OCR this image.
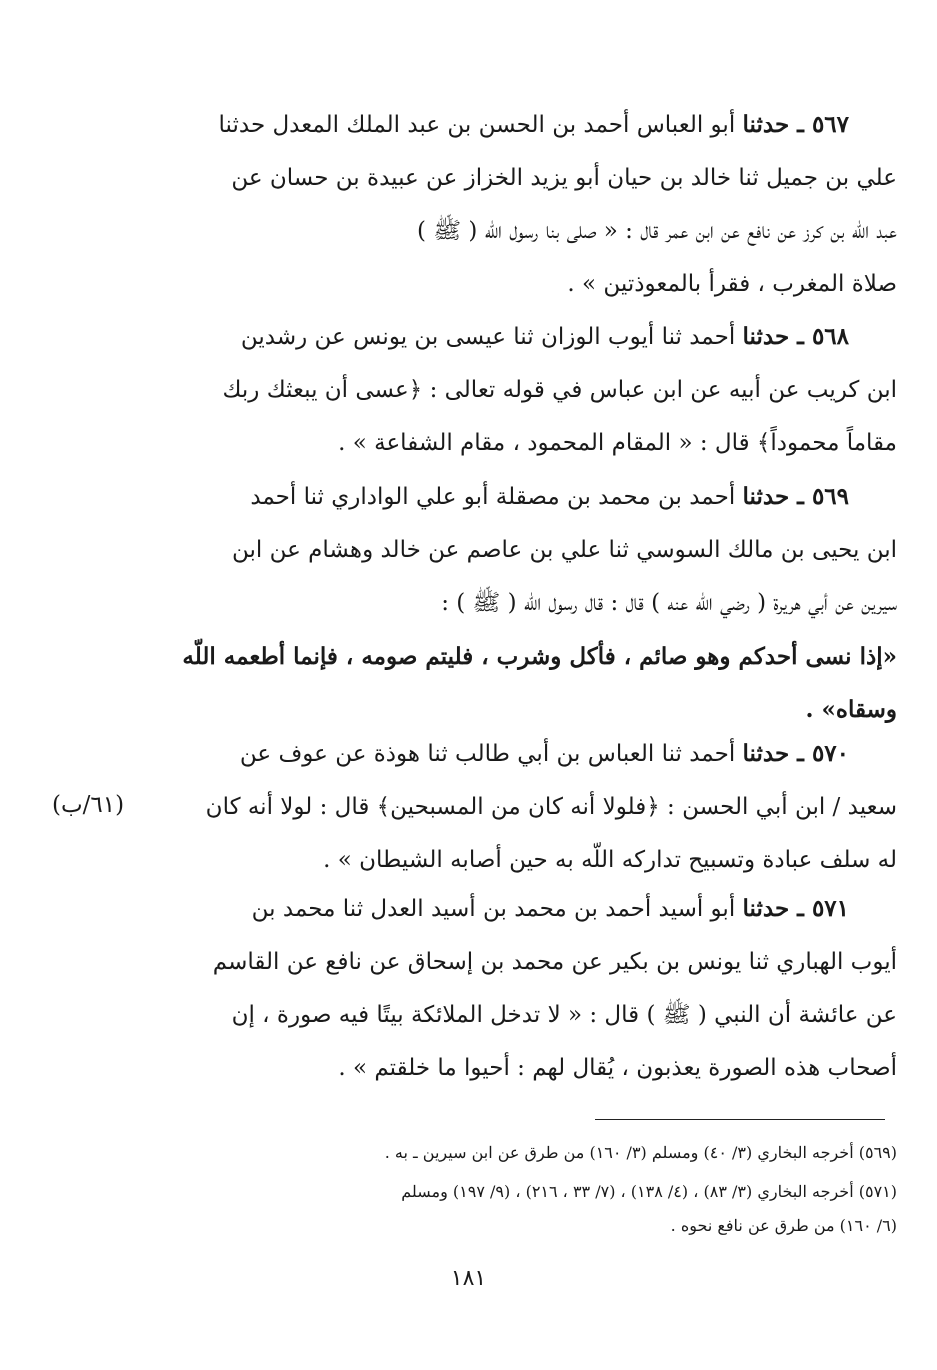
٥٦٧ ـ حدثنا أبو العباس أحمد بن الحسن بن عبد الملك المعدل حدثنا
علي بن جميل ثنا خالد بن حيان أبو يزيد الخزاز عن عبيدة بن حسان عن
عبد اللّه بن كرز عن نافع عن ابن عمر قال : « صلى بنا رسول اللّه ( ﷺ )
صلاة المغرب ، فقرأ بالمعوذتين » .
٥٦٨ ـ حدثنا أحمد ثنا أيوب الوزان ثنا عيسى بن يونس عن رشدين
ابن كريب عن أبيه عن ابن عباس في قوله تعالى : ﴿عسى أن يبعثك ربك
مقاماً محموداً﴾ قال : « المقام المحمود ، مقام الشفاعة » .
٥٦٩ ـ حدثنا أحمد بن محمد بن مصقلة أبو علي الواداري ثنا أحمد
ابن يحيى بن مالك السوسي ثنا علي بن عاصم عن خالد وهشام عن ابن
سيرين عن أبي هريرة ( رضي اللّه عنه ) قال : قال رسول اللّه ( ﷺ ) :
«إذا نسى أحدكم وهو صائم ، فأكل وشرب ، فليتم صومه ، فإنما أطعمه اللّه
وسقاه» .
٥٧٠ ـ حدثنا أحمد ثنا العباس بن أبي طالب ثنا هوذة عن عوف عن
سعيد / ابن أبي الحسن : ﴿فلولا أنه كان من المسبحين﴾ قال : لولا أنه كان
له سلف عبادة وتسبيح تداركه اللّه به حين أصابه الشيطان » .
(٦١/ب)
٥٧١ ـ حدثنا أبو أسيد أحمد بن محمد بن أسيد العدل ثنا محمد بن
أيوب الهباري ثنا يونس بن بكير عن محمد بن إسحاق عن نافع عن القاسم
عن عائشة أن النبي ( ﷺ ) قال : « لا تدخل الملائكة بيتًا فيه صورة ، إن
أصحاب هذه الصورة يعذبون ، يُقال لهم : أحيوا ما خلقتم » .
(٥٦٩) أخرجه البخاري (٣/ ٤٠) ومسلم (٣/ ١٦٠) من طرق عن ابن سيرين ـ به .
(٥٧١) أخرجه البخاري (٣/ ٨٣) ، (٤/ ١٣٨) ، (٧/ ٣٣ ، ٢١٦) ، (٩/ ١٩٧) ومسلم
(٦/ ١٦٠) من طرق عن نافع نحوه .
١٨١
